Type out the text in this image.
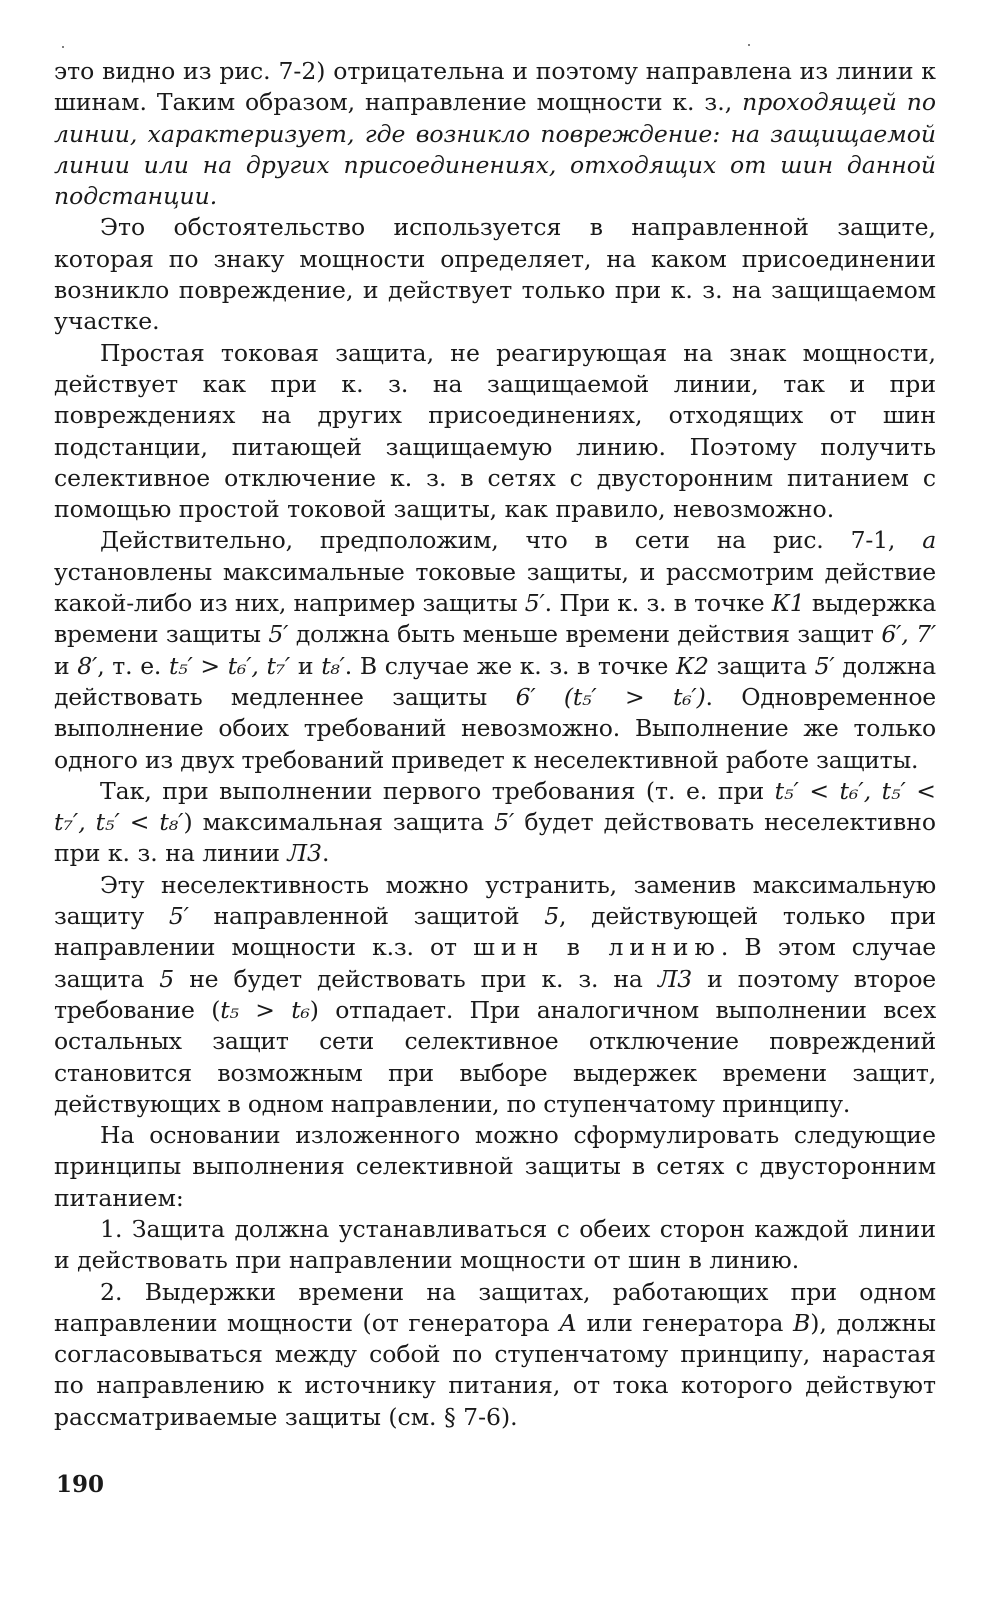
это видно из рис. 7-2) отрицательна и поэтому направлена из линии к шинам. Таким образом, направление мощности к. з., проходящей по линии, характеризует, где возникло повреждение: на защищаемой линии или на других присоединениях, отходящих от шин данной подстанции.

Это обстоятельство используется в направленной защите, которая по знаку мощности определяет, на каком присоединении возникло повреждение, и действует только при к. з. на защищаемом участке.

Простая токовая защита, не реагирующая на знак мощности, действует как при к. з. на защищаемой линии, так и при повреждениях на других присоединениях, отходящих от шин подстанции, питающей защищаемую линию. Поэтому получить селективное отключение к. з. в сетях с двусторонним питанием с помощью простой токовой защиты, как правило, невозможно.

Действительно, предположим, что в сети на рис. 7-1, а установлены максимальные токовые защиты, и рассмотрим действие какой-либо из них, например защиты 5′. При к. з. в точке К1 выдержка времени защиты 5′ должна быть меньше времени действия защит 6′, 7′ и 8′, т. е. t₅′ > t₆′, t₇′ и t₈′. В случае же к. з. в точке К2 защита 5′ должна действовать медленнее защиты 6′ (t₅′ > t₆′). Одновременное выполнение обоих требований невозможно. Выполнение же только одного из двух требований приведет к неселективной работе защиты.

Так, при выполнении первого требования (т. е. при t₅′ < t₆′, t₅′ < t₇′, t₅′ < t₈′) максимальная защита 5′ будет действовать неселективно при к. з. на линии Л3.

Эту неселективность можно устранить, заменив максимальную защиту 5′ направленной защитой 5, действующей только при направлении мощности к.з. от шин в линию. В этом случае защита 5 не будет действовать при к. з. на Л3 и поэтому второе требование (t₅ > t₆) отпадает. При аналогичном выполнении всех остальных защит сети селективное отключение повреждений становится возможным при выборе выдержек времени защит, действующих в одном направлении, по ступенчатому принципу.

На основании изложенного можно сформулировать следующие принципы выполнения селективной защиты в сетях с двусторонним питанием:

1. Защита должна устанавливаться с обеих сторон каждой линии и действовать при направлении мощности от шин в линию.

2. Выдержки времени на защитах, работающих при одном направлении мощности (от генератора А или генератора В), должны согласовываться между собой по ступенчатому принципу, нарастая по направлению к источнику питания, от тока которого действуют рассматриваемые защиты (см. § 7-6).

190
